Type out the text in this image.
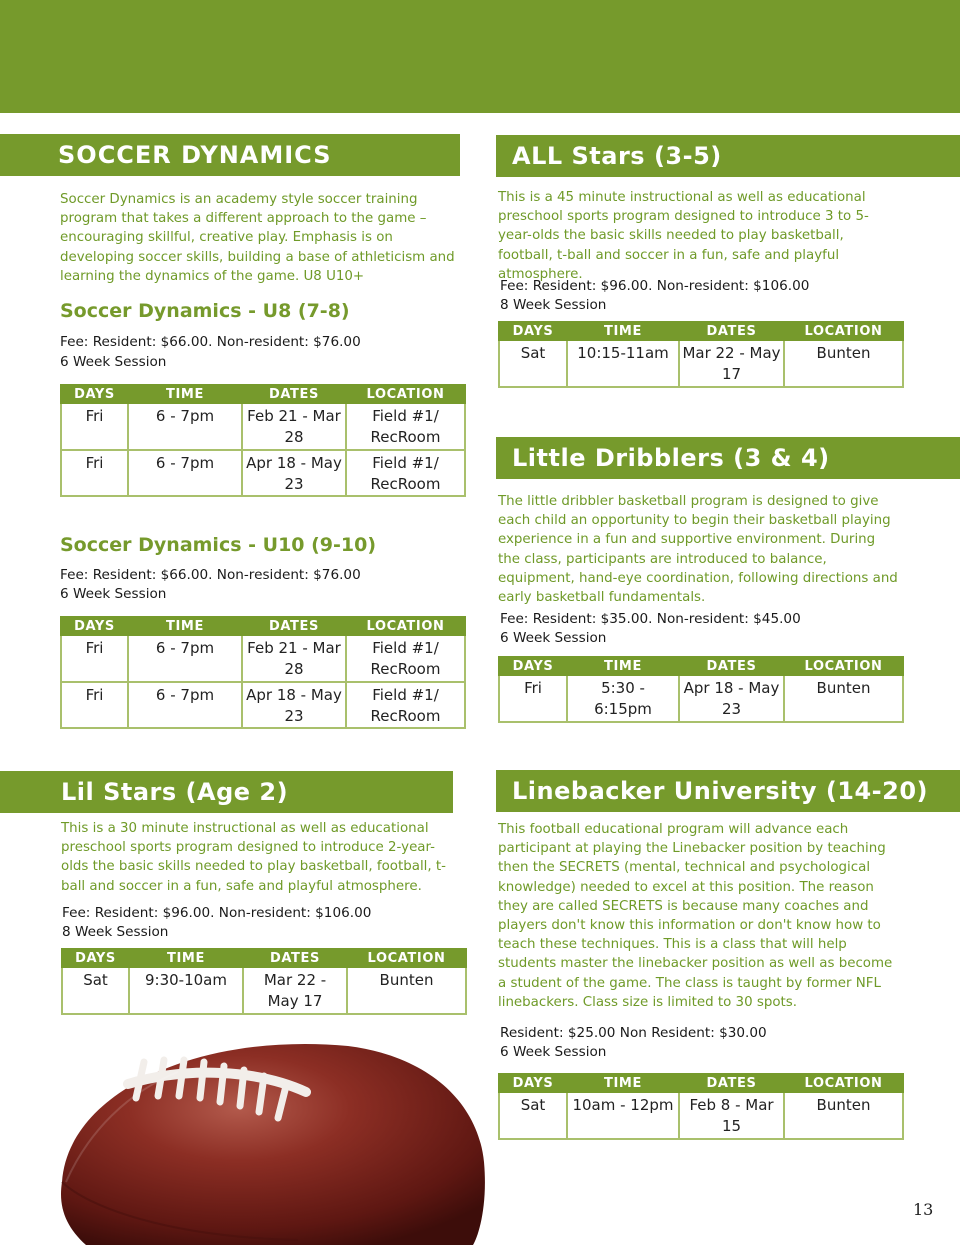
SOCCER DYNAMICS

Soccer Dynamics is an academy style soccer training program that takes a different approach to the game – encouraging skillful, creative play. Emphasis is on developing soccer skills, building a base of athleticism and learning the dynamics of the game. U8 U10+

Soccer Dynamics - U8 (7-8)

Fee: Resident: $66.00. Non-resident: $76.00

6 Week Session

DAYS	TIME	DATES	LOCATION
Fri	6 - 7pm	Feb 21 - Mar 28	Field #1/ RecRoom
Fri	6 - 7pm	Apr 18 - May 23	Field #1/ RecRoom
Soccer Dynamics - U10 (9-10)

Fee: Resident: $66.00. Non-resident: $76.00

6 Week Session

DAYS	TIME	DATES	LOCATION
Fri	6 - 7pm	Feb 21 - Mar 28	Field #1/ RecRoom
Fri	6 - 7pm	Apr 18 - May 23	Field #1/ RecRoom
ALL Stars (3-5)

This is a 45 minute instructional as well as educational preschool sports program designed to introduce 3 to 5-year-olds the basic skills needed to play basketball, football, t-ball and soccer in a fun, safe and playful atmosphere.

Fee: Resident: $96.00. Non-resident: $106.00

8 Week Session

DAYS	TIME	DATES	LOCATION
Sat	10:15-11am	Mar 22 - May 17	Bunten
Little Dribblers (3 & 4)

The little dribbler basketball program is designed to give each child an opportunity to begin their basketball playing experience in a fun and supportive environment. During the class, participants are introduced to balance, equipment, hand-eye coordination, following directions and early basketball fundamentals.

Fee: Resident: $35.00. Non-resident: $45.00

6 Week Session

DAYS	TIME	DATES	LOCATION
Fri	5:30 - 6:15pm	Apr 18 - May 23	Bunten
Lil Stars (Age 2)

This is a 30 minute instructional as well as educational preschool sports program designed to introduce 2-year-olds the basic skills needed to play basketball, football, t-ball and soccer in a fun, safe and playful atmosphere.

Fee: Resident: $96.00. Non-resident: $106.00

8 Week Session

DAYS	TIME	DATES	LOCATION
Sat	9:30-10am	Mar 22 - May 17	Bunten
Linebacker University (14-20)

This football educational program will advance each participant at playing the Linebacker position by teaching then the SECRETS (mental, technical and psychological knowledge) needed to excel at this position. The reason they are called SECRETS is because many coaches and players don't know this information or don't know how to teach these techniques. This is a class that will help students master the linebacker position as well as become a student of the game. The class is taught by former NFL linebackers. Class size is limited to 30 spots.

Resident: $25.00 Non Resident: $30.00

6 Week Session

DAYS	TIME	DATES	LOCATION
Sat	10am - 12pm	Feb 8 - Mar 15	Bunten
13
